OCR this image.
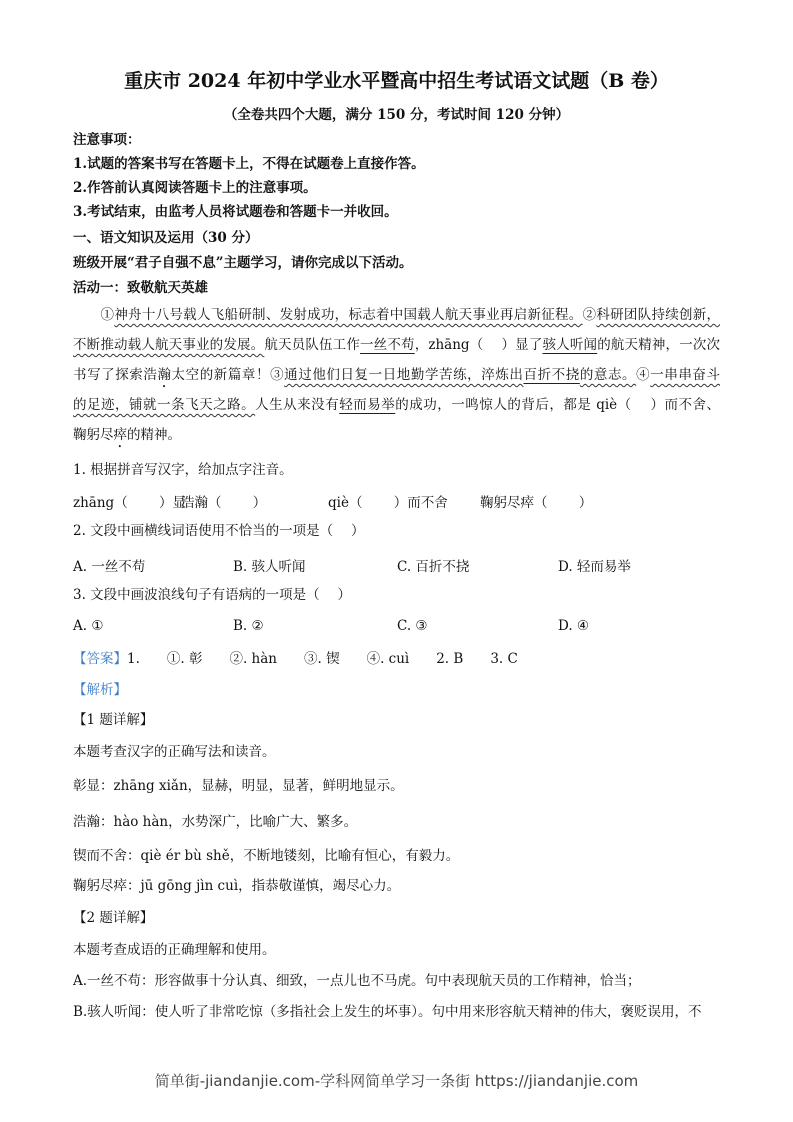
重庆市 2024 年初中学业水平暨高中招生考试语文试题（B 卷）
（全卷共四个大题，满分 150 分，考试时间 120 分钟）
注意事项：
1.试题的答案书写在答题卡上，不得在试题卷上直接作答。
2.作答前认真阅读答题卡上的注意事项。
3.考试结束，由监考人员将试题卷和答题卡一并收回。
一、语文知识及运用（30 分）
班级开展“君子自强不息”主题学习，请你完成以下活动。
活动一：致敬航天英雄
　　①神舟十八号载人飞船研制、发射成功，标志着中国载人航天事业再启新征程。②科研团队持续创新，
不断推动载人航天事业的发展。航天员队伍工作一丝不苟，zhāng（　 ）显了骇人听闻的航天精神，一次次
书写了探索浩瀚太空的新篇章！③通过他们日复一日地勤学苦练，淬炼出百折不挠的意志。④一串串奋斗
的足迹，铺就一条飞天之路。人生从来没有轻而易举的成功，一鸣惊人的背后，都是 qiè（　 ）而不舍、
鞠躬尽瘁的精神。
1. 根据拼音写汉字，给加点字注音。
zhāng（　　 ）显
浩瀚（　　 ）	qiè（　　 ）而不舍 鞠躬尽瘁（　　 ）
2. 文段中画横线词语使用不恰当的一项是（　 ）
A. 一丝不苟	B. 骇人听闻	C. 百折不挠	D. 轻而易举
3. 文段中画波浪线句子有语病的一项是（　 ）
A. ①	B. ②	C. ③	D. ④
【答案】1.　　①. 彰　　②. hàn　　③. 锲　　④. cuì　　2. B　　3. C
【解析】
【1 题详解】
本题考查汉字的正确写法和读音。
彰显：zhāng xiǎn，显赫，明显，显著，鲜明地显示。
浩瀚：hào hàn，水势深广，比喻广大、繁多。
锲而不舍：qiè ér bù shě，不断地镂刻，比喻有恒心，有毅力。
鞠躬尽瘁：jū gōng jìn cuì，指恭敬谨慎，竭尽心力。
【2 题详解】
本题考查成语的正确理解和使用。
A.一丝不苟：形容做事十分认真、细致，一点儿也不马虎。句中表现航天员的工作精神，恰当；
B.骇人听闻：使人听了非常吃惊（多指社会上发生的坏事）。句中用来形容航天精神的伟大，褒贬误用，不
简单街-jiandanjie.com-学科网简单学习一条街 https://jiandanjie.com
